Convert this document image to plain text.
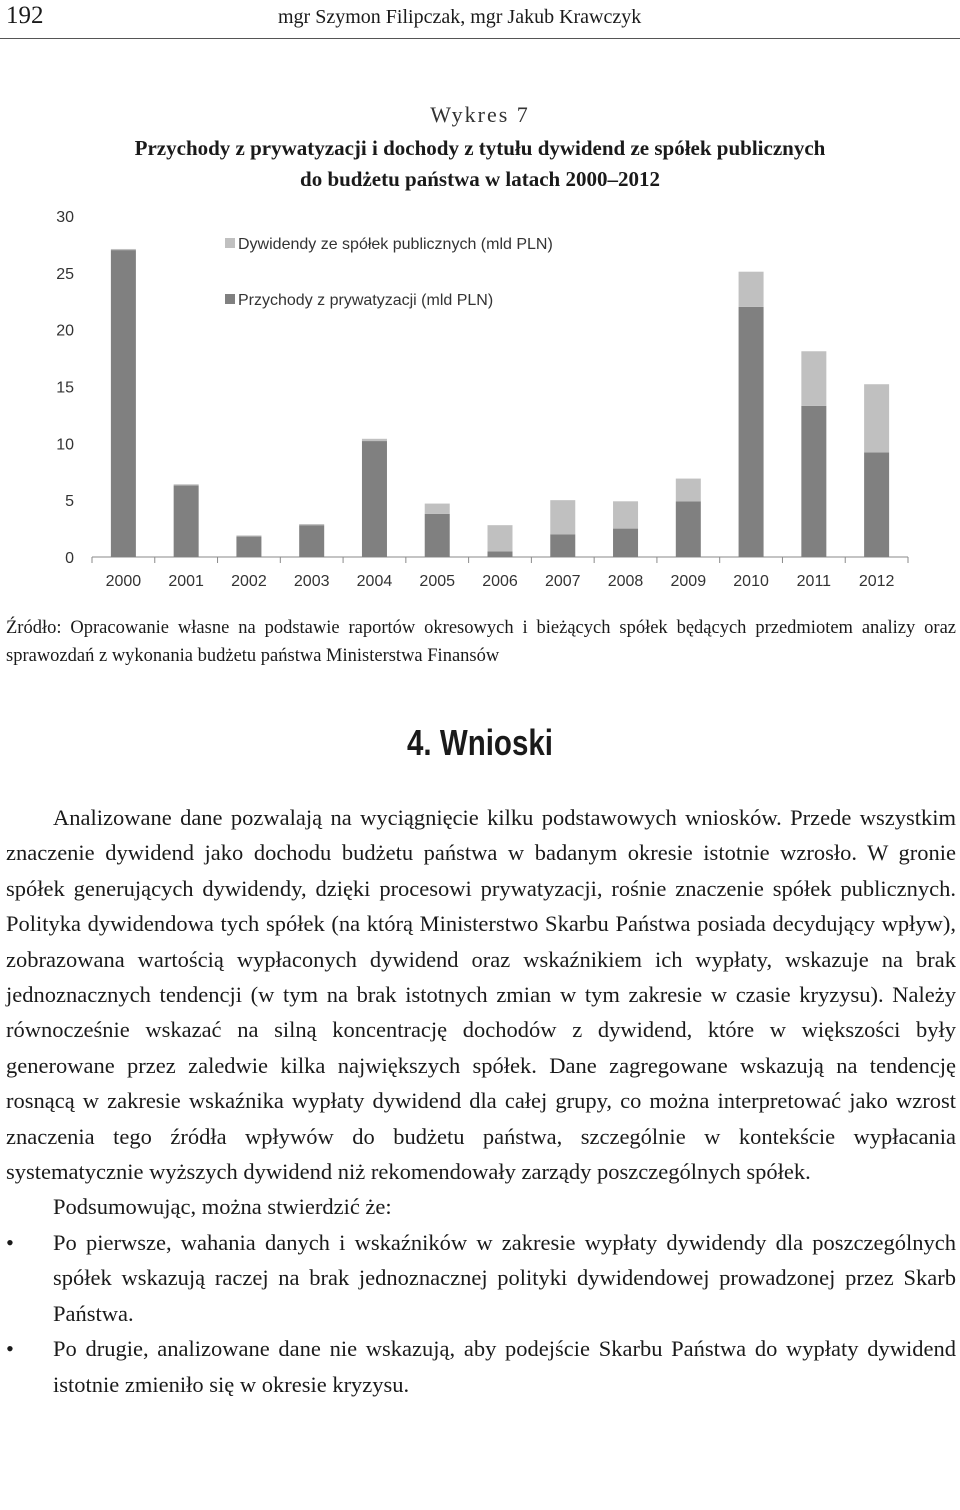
192	mgr Szymon Filipczak, mgr Jakub Krawczyk
Wykres 7
Przychody z prywatyzacji i dochody z tytułu dywidend ze spółek publicznych
do budżetu państwa w latach 2000–2012
0
5
10
15
20
25
30
2000 2001 2002 2003 2004 2005 2006 2007 2008 2009 2010 2011 2012
Dywidendy ze spółek publicznych (mld PLN)
Przychody z prywatyzacji (mld PLN)
Źródło: Opracowanie własne na podstawie raportów okresowych i bieżących spółek będących przedmiotem analizy oraz sprawozdań z wykonania budżetu państwa Ministerstwa Finansów
4. Wnioski

Analizowane dane pozwalają na wyciągnięcie kilku podstawowych wniosków. Przede wszystkim znaczenie dywidend jako dochodu budżetu państwa w badanym okresie istotnie wzrosło. W gronie spółek generujących dywidendy, dzięki procesowi prywatyzacji, rośnie znaczenie spółek publicznych. Polityka dywidendowa tych spółek (na którą Ministerstwo Skarbu Państwa posiada decydujący wpływ), zobrazowana wartością wypłaconych dywidend oraz wskaźnikiem ich wypłaty, wskazuje na brak jednoznacznych tendencji (w tym na brak istotnych zmian w tym zakresie w czasie kryzysu). Należy równocześnie wskazać na silną koncentrację dochodów z dywidend, które w większości były generowane przez zaledwie kilka największych spółek. Dane zagregowane wskazują na tendencję rosnącą w zakresie wskaźnika wypłaty dywidend dla całej grupy, co można interpretować jako wzrost znaczenia tego źródła wpływów do budżetu państwa, szczególnie w kontekście wypłacania systematycznie wyższych dywidend niż rekomendowały zarządy poszczególnych spółek.

Podsumowując, można stwierdzić że:

• Po pierwsze, wahania danych i wskaźników w zakresie wypłaty dywidendy dla poszczególnych spółek wskazują raczej na brak jednoznacznej polityki dywidendowej prowadzonej przez Skarb Państwa.
• Po drugie, analizowane dane nie wskazują, aby podejście Skarbu Państwa do wypłaty dywidend istotnie zmieniło się w okresie kryzysu.
